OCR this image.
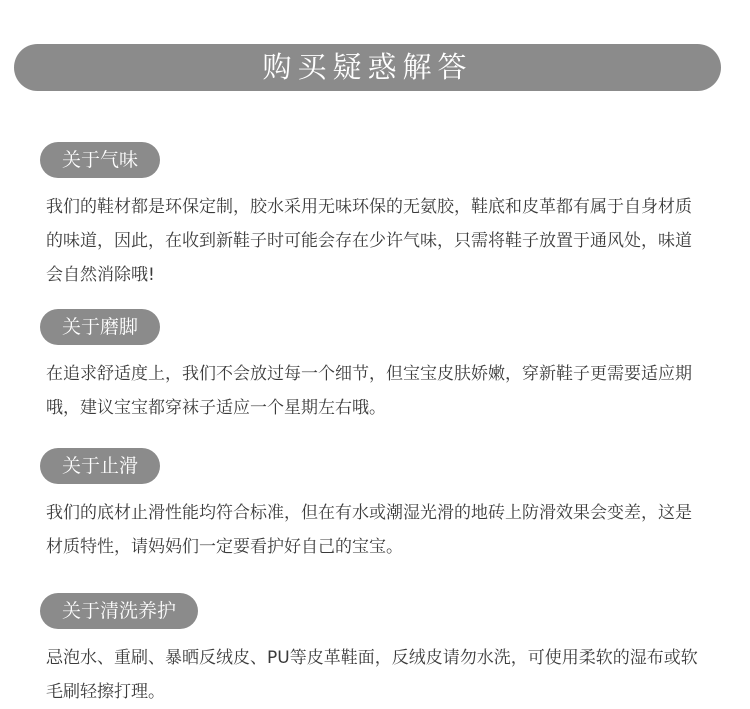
购买疑惑解答
关于气味
我们的鞋材都是环保定制，胶水采用无味环保的无氨胶，鞋底和皮革都有属于自身材质的味道，因此，在收到新鞋子时可能会存在少许气味，只需将鞋子放置于通风处，味道会自然消除哦!
关于磨脚
在追求舒适度上，我们不会放过每一个细节，但宝宝皮肤娇嫩，穿新鞋子更需要适应期哦，建议宝宝都穿袜子适应一个星期左右哦。
关于止滑
我们的底材止滑性能均符合标准，但在有水或潮湿光滑的地砖上防滑效果会变差，这是材质特性，请妈妈们一定要看护好自己的宝宝。
关于清洗养护
忌泡水、重刷、暴晒反绒皮、PU等皮革鞋面，反绒皮请勿水洗，可使用柔软的湿布或软毛刷轻擦打理。
